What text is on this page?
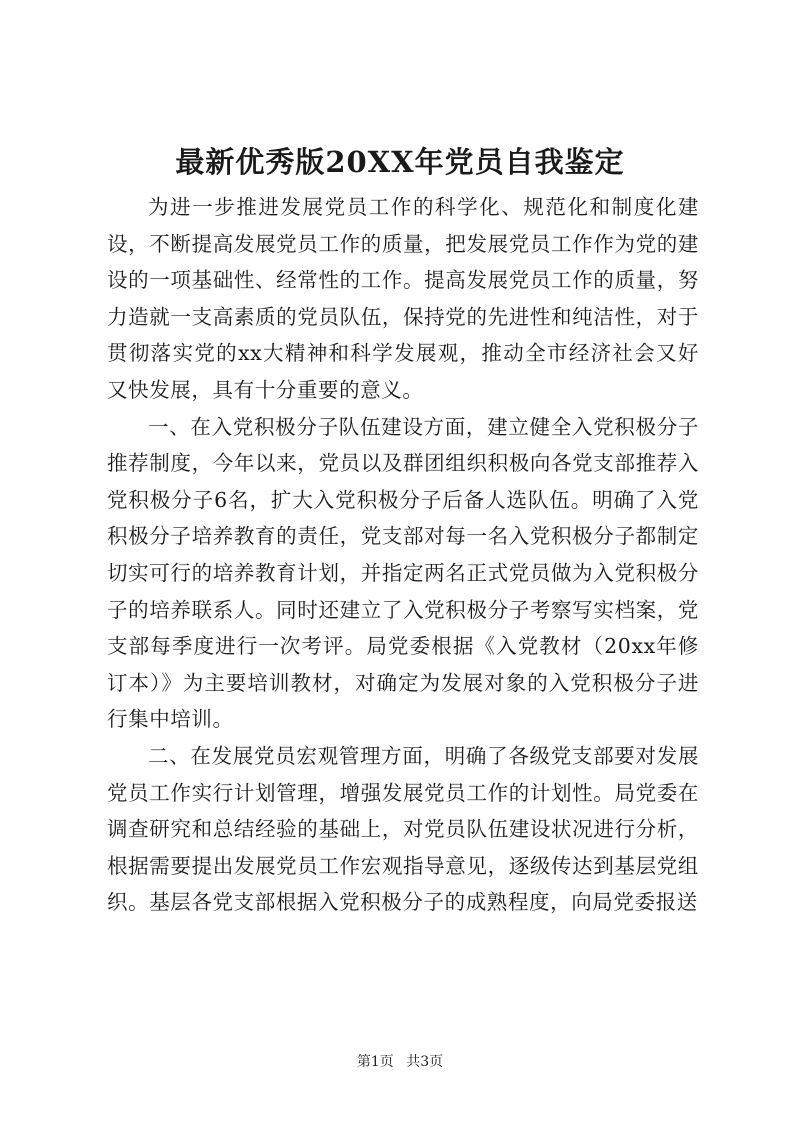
最新优秀版20XX年党员自我鉴定

为进一步推进发展党员工作的科学化、规范化和制度化建设，不断提高发展党员工作的质量，把发展党员工作作为党的建设的一项基础性、经常性的工作。提高发展党员工作的质量，努力造就一支高素质的党员队伍，保持党的先进性和纯洁性，对于贯彻落实党的xx大精神和科学发展观，推动全市经济社会又好又快发展，具有十分重要的意义。

一、在入党积极分子队伍建设方面，建立健全入党积极分子推荐制度，今年以来，党员以及群团组织积极向各党支部推荐入党积极分子6名，扩大入党积极分子后备人选队伍。明确了入党积极分子培养教育的责任，党支部对每一名入党积极分子都制定切实可行的培养教育计划，并指定两名正式党员做为入党积极分子的培养联系人。同时还建立了入党积极分子考察写实档案，党支部每季度进行一次考评。局党委根据《入党教材（20xx年修订本）》为主要培训教材，对确定为发展对象的入党积极分子进行集中培训。

二、在发展党员宏观管理方面，明确了各级党支部要对发展党员工作实行计划管理，增强发展党员工作的计划性。局党委在调查研究和总结经验的基础上，对党员队伍建设状况进行分析，根据需要提出发展党员工作宏观指导意见，逐级传达到基层党组织。基层各党支部根据入党积极分子的成熟程度，向局党委报送

第1页 共3页
